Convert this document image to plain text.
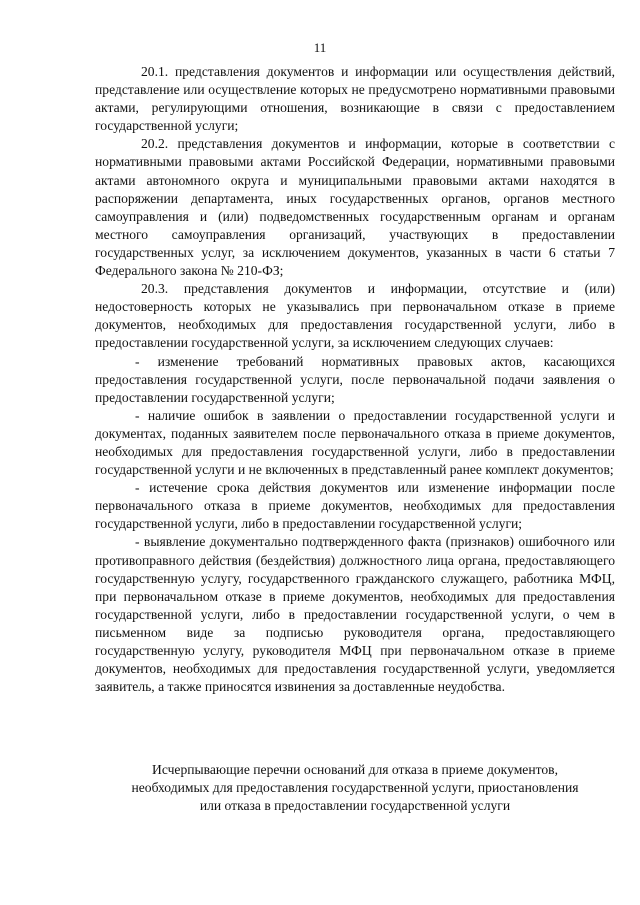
11

20.1. представления документов и информации или осуществления действий, представление или осуществление которых не предусмотрено нормативными правовыми актами, регулирующими отношения, возникающие в связи с предоставлением государственной услуги;

20.2. представления документов и информации, которые в соответствии с нормативными правовыми актами Российской Федерации, нормативными правовыми актами автономного округа и муниципальными правовыми актами находятся в распоряжении департамента, иных государственных органов, органов местного самоуправления и (или) подведомственных государственным органам и органам местного самоуправления организаций, участвующих в предоставлении государственных услуг, за исключением документов, указанных в части 6 статьи 7 Федерального закона № 210-ФЗ;

20.3. представления документов и информации, отсутствие и (или) недостоверность которых не указывались при первоначальном отказе в приеме документов, необходимых для предоставления государственной услуги, либо в предоставлении государственной услуги, за исключением следующих случаев:

- изменение требований нормативных правовых актов, касающихся предоставления государственной услуги, после первоначальной подачи заявления о предоставлении государственной услуги;

- наличие ошибок в заявлении о предоставлении государственной услуги и документах, поданных заявителем после первоначального отказа в приеме документов, необходимых для предоставления государственной услуги, либо в предоставлении государственной услуги и не включенных в представленный ранее комплект документов;

- истечение срока действия документов или изменение информации после первоначального отказа в приеме документов, необходимых для предоставления государственной услуги, либо в предоставлении государственной услуги;

- выявление документально подтвержденного факта (признаков) ошибочного или противоправного действия (бездействия) должностного лица органа, предоставляющего государственную услугу, государственного гражданского служащего, работника МФЦ, при первоначальном отказе в приеме документов, необходимых для предоставления государственной услуги, либо в предоставлении государственной услуги, о чем в письменном виде за подписью руководителя органа, предоставляющего государственную услугу, руководителя МФЦ при первоначальном отказе в приеме документов, необходимых для предоставления государственной услуги, уведомляется заявитель, а также приносятся извинения за доставленные неудобства.

Исчерпывающие перечни оснований для отказа в приеме документов,
необходимых для предоставления государственной услуги, приостановления
или отказа в предоставлении государственной услуги
